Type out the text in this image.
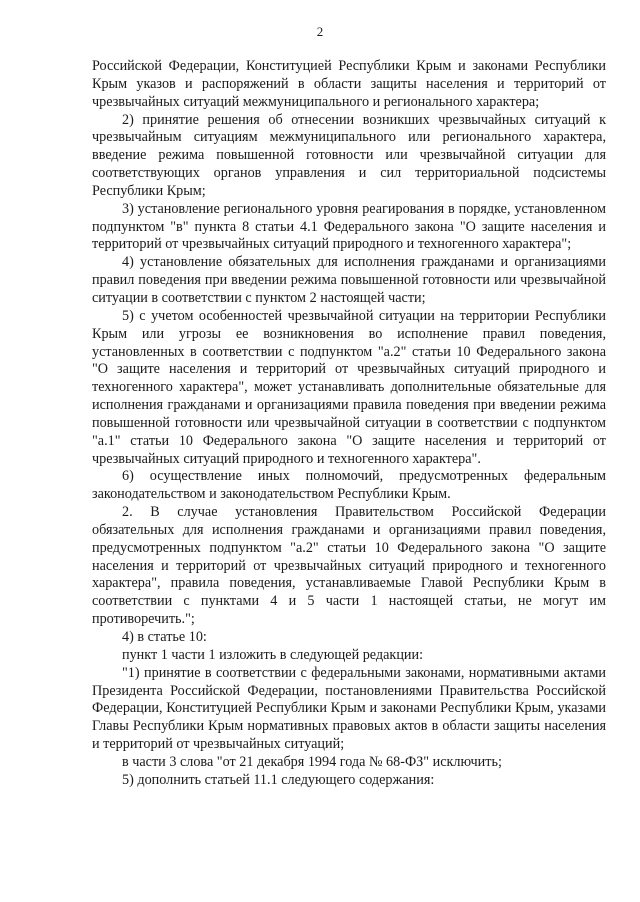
2

Российской Федерации, Конституцией Республики Крым и законами Республики Крым указов и распоряжений в области защиты населения и территорий от чрезвычайных ситуаций межмуниципального и регионального характера;

2) принятие решения об отнесении возникших чрезвычайных ситуаций к чрезвычайным ситуациям межмуниципального или регионального характера, введение режима повышенной готовности или чрезвычайной ситуации для соответствующих органов управления и сил территориальной подсистемы Республики Крым;

3) установление регионального уровня реагирования в порядке, установленном подпунктом "в" пункта 8 статьи 4.1 Федерального закона "О защите населения и территорий от чрезвычайных ситуаций природного и техногенного характера";

4) установление обязательных для исполнения гражданами и организациями правил поведения при введении режима повышенной готовности или чрезвычайной ситуации в соответствии с пунктом 2 настоящей части;

5) с учетом особенностей чрезвычайной ситуации на территории Республики Крым или угрозы ее возникновения во исполнение правил поведения, установленных в соответствии с подпунктом "а.2" статьи 10 Федерального закона "О защите населения и территорий от чрезвычайных ситуаций природного и техногенного характера", может устанавливать дополнительные обязательные для исполнения гражданами и организациями правила поведения при введении режима повышенной готовности или чрезвычайной ситуации в соответствии с подпунктом "а.1" статьи 10 Федерального закона "О защите населения и территорий от чрезвычайных ситуаций природного и техногенного характера".

6) осуществление иных полномочий, предусмотренных федеральным законодательством и законодательством Республики Крым.

2. В случае установления Правительством Российской Федерации обязательных для исполнения гражданами и организациями правил поведения, предусмотренных подпунктом "а.2" статьи 10 Федерального закона "О защите населения и территорий от чрезвычайных ситуаций природного и техногенного характера", правила поведения, устанавливаемые Главой Республики Крым в соответствии с пунктами 4 и 5 части 1 настоящей статьи, не могут им противоречить.";

4) в статье 10:

пункт 1 части 1 изложить в следующей редакции:

"1) принятие в соответствии с федеральными законами, нормативными актами Президента Российской Федерации, постановлениями Правительства Российской Федерации, Конституцией Республики Крым и законами Республики Крым, указами Главы Республики Крым нормативных правовых актов в области защиты населения и территорий от чрезвычайных ситуаций;

в части 3 слова "от 21 декабря 1994 года № 68-ФЗ" исключить;

5) дополнить статьей 11.1 следующего содержания:
